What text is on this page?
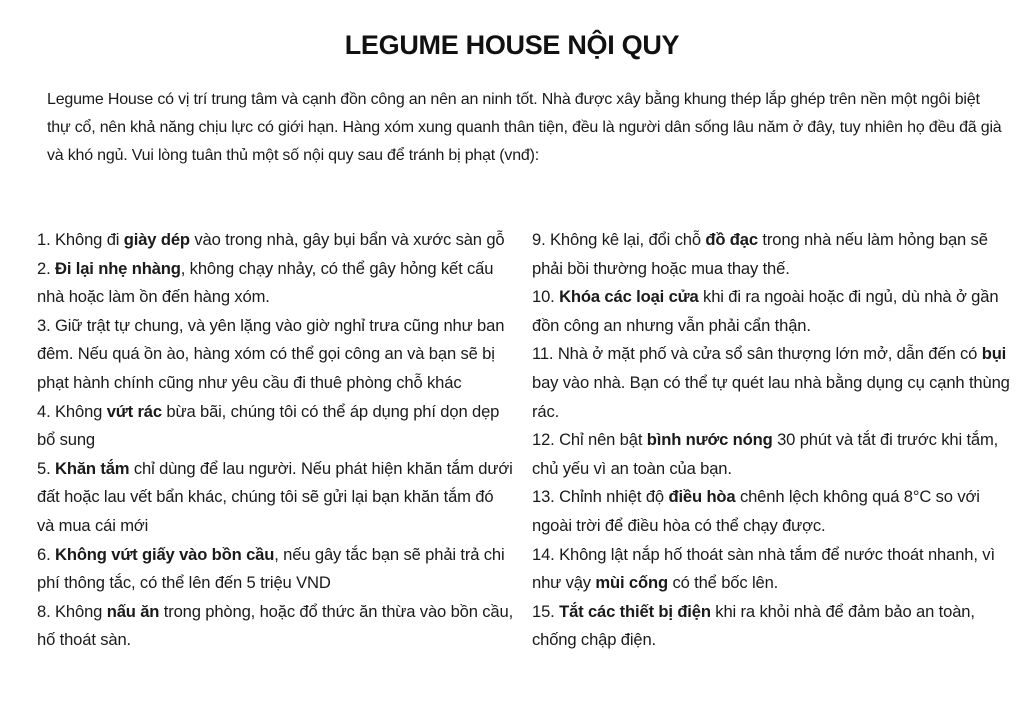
LEGUME HOUSE NỘI QUY

Legume House có vị trí trung tâm và cạnh đồn công an nên an ninh tốt. Nhà được xây bằng khung thép lắp ghép trên nền một ngôi biệt thự cổ, nên khả năng chịu lực có giới hạn. Hàng xóm xung quanh thân tiện, đều là người dân sống lâu năm ở đây, tuy nhiên họ đều đã già và khó ngủ. Vui lòng tuân thủ một số nội quy sau để tránh bị phạt (vnđ):

1. Không đi giày dép vào trong nhà, gây bụi bẩn và xước sàn gỗ

2. Đi lại nhẹ nhàng, không chạy nhảy, có thể gây hỏng kết cấu nhà hoặc làm ồn đến hàng xóm.

3. Giữ trật tự chung, và yên lặng vào giờ nghỉ trưa cũng như ban đêm. Nếu quá ồn ào, hàng xóm có thể gọi công an và bạn sẽ bị phạt hành chính cũng như yêu cầu đi thuê phòng chỗ khác

4. Không vứt rác bừa bãi, chúng tôi có thể áp dụng phí dọn dẹp bổ sung

5. Khăn tắm chỉ dùng để lau người. Nếu phát hiện khăn tắm dưới đất hoặc lau vết bẩn khác, chúng tôi sẽ gửi lại bạn khăn tắm đó và mua cái mới

6. Không vứt giấy vào bồn cầu, nếu gây tắc bạn sẽ phải trả chi phí thông tắc, có thể lên đến 5 triệu VND

8. Không nấu ăn trong phòng, hoặc đổ thức ăn thừa vào bồn cầu, hố thoát sàn.

9. Không kê lại, đổi chỗ đồ đạc trong nhà nếu làm hỏng bạn sẽ phải bồi thường hoặc mua thay thế.

10. Khóa các loại cửa khi đi ra ngoài hoặc đi ngủ, dù nhà ở gần đồn công an nhưng vẫn phải cẩn thận.

11. Nhà ở mặt phố và cửa sổ sân thượng lớn mở, dẫn đến có bụi bay vào nhà. Bạn có thể tự quét lau nhà bằng dụng cụ cạnh thùng rác.

12. Chỉ nên bật bình nước nóng 30 phút và tắt đi trước khi tắm, chủ yếu vì an toàn của bạn.

13. Chỉnh nhiệt độ điều hòa chênh lệch không quá 8°C so với ngoài trời để điều hòa có thể chạy được.

14. Không lật nắp hố thoát sàn nhà tắm để nước thoát nhanh, vì như vậy mùi cống có thể bốc lên.

15. Tắt các thiết bị điện khi ra khỏi nhà để đảm bảo an toàn, chống chập điện.
